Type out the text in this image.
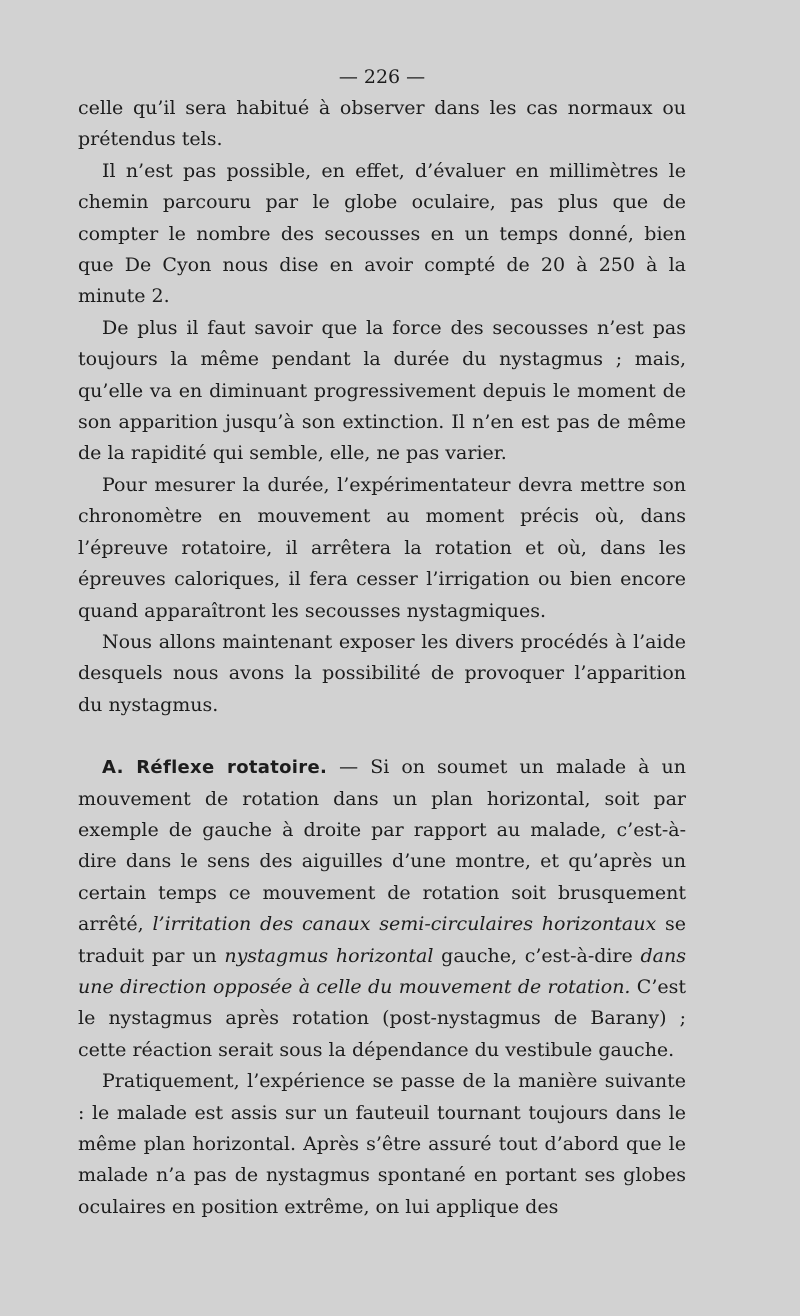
— 226 —

celle qu’il sera habitué à observer dans les cas normaux ou prétendus tels.

Il n’est pas possible, en effet, d’évaluer en millimètres le chemin parcouru par le globe oculaire, pas plus que de compter le nombre des secousses en un temps donné, bien que De Cyon nous dise en avoir compté de 20 à 250 à la minute 2.

De plus il faut savoir que la force des secousses n’est pas toujours la même pendant la durée du nystagmus ; mais, qu’elle va en diminuant progressivement depuis le moment de son apparition jusqu’à son extinction. Il n’en est pas de même de la rapidité qui semble, elle, ne pas varier.

Pour mesurer la durée, l’expérimentateur devra mettre son chronomètre en mouvement au moment précis où, dans l’épreuve rotatoire, il arrêtera la rotation et où, dans les épreuves caloriques, il fera cesser l’irrigation ou bien encore quand apparaîtront les secousses nystagmiques.

Nous allons maintenant exposer les divers procédés à l’aide desquels nous avons la possibilité de provoquer l’apparition du nystagmus.

A. Réflexe rotatoire. — Si on soumet un malade à un mouvement de rotation dans un plan horizontal, soit par exemple de gauche à droite par rapport au malade, c’est-à-dire dans le sens des aiguilles d’une montre, et qu’après un certain temps ce mouvement de rotation soit brusquement arrêté, l’irritation des canaux semi-circulaires horizontaux se traduit par un nystagmus horizontal gauche, c’est-à-dire dans une direction opposée à celle du mouvement de rotation. C’est le nystagmus après rotation (post-nystagmus de Barany) ; cette réaction serait sous la dépendance du vestibule gauche.

Pratiquement, l’expérience se passe de la manière suivante : le malade est assis sur un fauteuil tournant toujours dans le même plan horizontal. Après s’être assuré tout d’abord que le malade n’a pas de nystagmus spontané en portant ses globes oculaires en position extrême, on lui applique des
